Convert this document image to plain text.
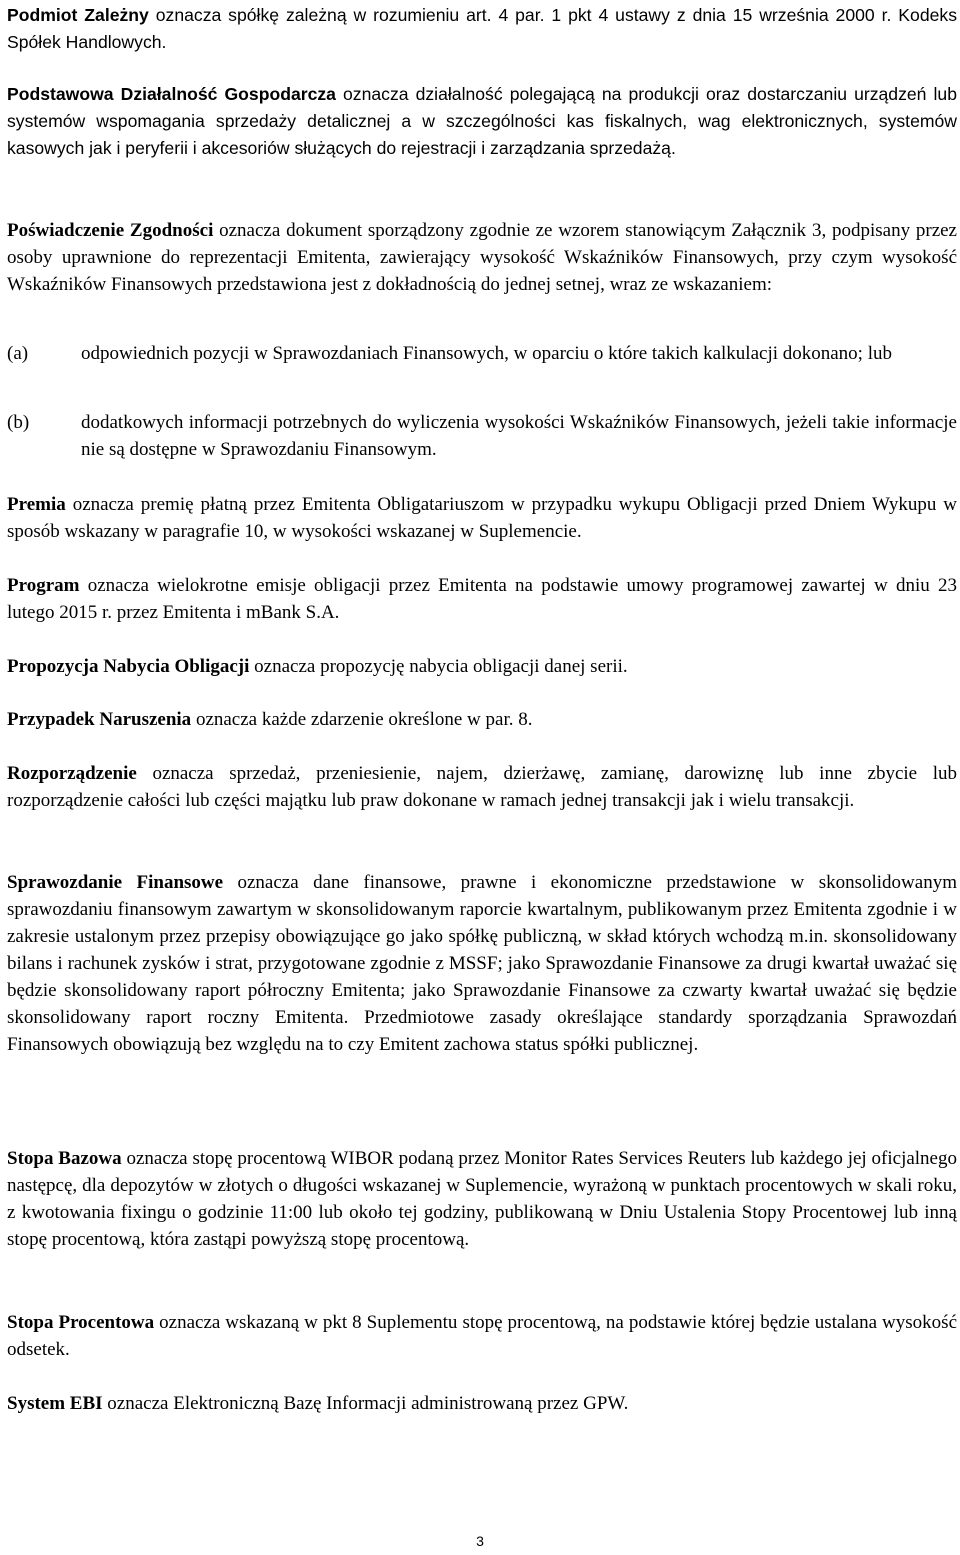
Podmiot Zależny oznacza spółkę zależną w rozumieniu art. 4 par. 1 pkt 4 ustawy z dnia 15 września 2000 r. Kodeks Spółek Handlowych.

Podstawowa Działalność Gospodarcza oznacza działalność polegającą na produkcji oraz dostarczaniu urządzeń lub systemów wspomagania sprzedaży detalicznej a w szczególności kas fiskalnych, wag elektronicznych, systemów kasowych jak i peryferii i akcesoriów służących do rejestracji i zarządzania sprzedażą.

Poświadczenie Zgodności oznacza dokument sporządzony zgodnie ze wzorem stanowiącym Załącznik 3, podpisany przez osoby uprawnione do reprezentacji Emitenta, zawierający wysokość Wskaźników Finansowych, przy czym wysokość Wskaźników Finansowych przedstawiona jest z dokładnością do jednej setnej, wraz ze wskazaniem:

(a)	odpowiednich pozycji w Sprawozdaniach Finansowych, w oparciu o które takich kalkulacji dokonano; lub
(b)	dodatkowych informacji potrzebnych do wyliczenia wysokości Wskaźników Finansowych, jeżeli takie informacje nie są dostępne w Sprawozdaniu Finansowym.

Premia oznacza premię płatną przez Emitenta Obligatariuszom w przypadku wykupu Obligacji przed Dniem Wykupu w sposób wskazany w paragrafie 10, w wysokości wskazanej w Suplemencie.

Program oznacza wielokrotne emisje obligacji przez Emitenta na podstawie umowy programowej zawartej w dniu 23 lutego 2015 r. przez Emitenta i mBank S.A.

Propozycja Nabycia Obligacji oznacza propozycję nabycia obligacji danej serii.

Przypadek Naruszenia oznacza każde zdarzenie określone w par. 8.

Rozporządzenie oznacza sprzedaż, przeniesienie, najem, dzierżawę, zamianę, darowiznę lub inne zbycie lub rozporządzenie całości lub części majątku lub praw dokonane w ramach jednej transakcji jak i wielu transakcji.

Sprawozdanie Finansowe oznacza dane finansowe, prawne i ekonomiczne przedstawione w skonsolidowanym sprawozdaniu finansowym zawartym w skonsolidowanym raporcie kwartalnym, publikowanym przez Emitenta zgodnie i w zakresie ustalonym przez przepisy obowiązujące go jako spółkę publiczną, w skład których wchodzą m.in. skonsolidowany bilans i rachunek zysków i strat, przygotowane zgodnie z MSSF; jako Sprawozdanie Finansowe za drugi kwartał uważać się będzie skonsolidowany raport półroczny Emitenta; jako Sprawozdanie Finansowe za czwarty kwartał uważać się będzie skonsolidowany raport roczny Emitenta. Przedmiotowe zasady określające standardy sporządzania Sprawozdań Finansowych obowiązują bez względu na to czy Emitent zachowa status spółki publicznej.

Stopa Bazowa oznacza stopę procentową WIBOR podaną przez Monitor Rates Services Reuters lub każdego jej oficjalnego następcę, dla depozytów w złotych o długości wskazanej w Suplemencie, wyrażoną w punktach procentowych w skali roku, z kwotowania fixingu o godzinie 11:00 lub około tej godziny, publikowaną w Dniu Ustalenia Stopy Procentowej lub inną stopę procentową, która zastąpi powyższą stopę procentową.

Stopa Procentowa oznacza wskazaną w pkt 8 Suplementu stopę procentową, na podstawie której będzie ustalana wysokość odsetek.

System EBI oznacza Elektroniczną Bazę Informacji administrowaną przez GPW.

3
